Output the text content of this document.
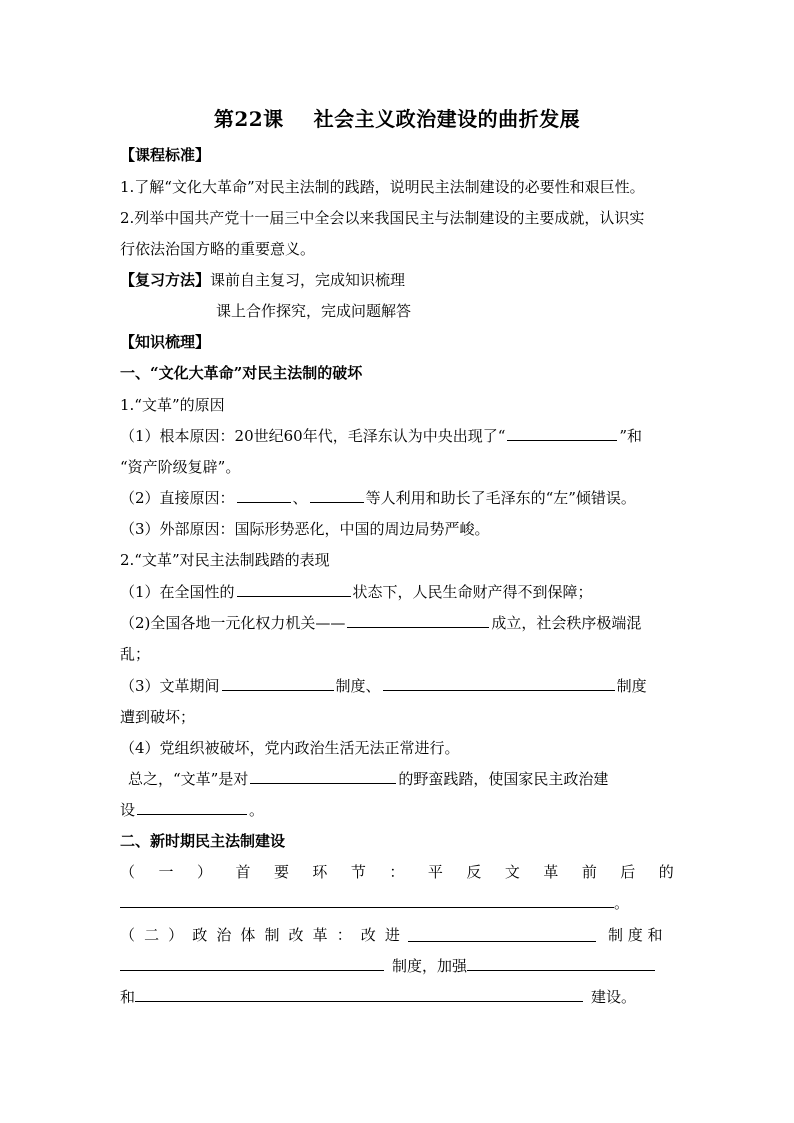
第22课 社会主义政治建设的曲折发展
【课程标准】
1.了解“文化大革命”对民主法制的践踏，说明民主法制建设的必要性和艰巨性。
2.列举中国共产党十一届三中全会以来我国民主与法制建设的主要成就，认识实
行依法治国方略的重要意义。
【复习方法】课前自主复习，完成知识梳理
课上合作探究，完成问题解答
【知识梳理】
一、“文化大革命”对民主法制的破坏
1.“文革”的原因
（1）根本原因：20世纪60年代，毛泽东认为中央出现了“	”和
“资产阶级复辟”。
（2）直接原因：	、	等人利用和助长了毛泽东的“左”倾错误。
（3）外部原因：国际形势恶化，中国的周边局势严峻。
2.“文革”对民主法制践踏的表现
（1）在全国性的	状态下，人民生命财产得不到保障；
（2)全国各地一元化权力机关——	成立，社会秩序极端混
乱；
（3）文革期间	制度、	制度
遭到破坏；
（4）党组织被破坏，党内政治生活无法正常进行。
总之，“文革”是对	的野蛮践踏，使国家民主政治建
设	。
二、新时期民主法制建设
（ 一 ） 首 要 环 节 ： 平 反 文 革 前 后 的
。
（ 二 ） 政 治 体 制 改 革 ： 改 进	制 度 和
制度，加强
和	建设。
